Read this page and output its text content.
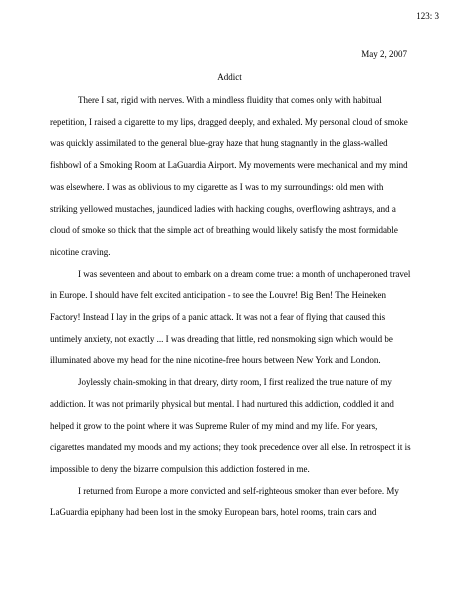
123: 3
May 2, 2007
Addict

There I sat, rigid with nerves. With a mindless fluidity that comes only with habitual repetition, I raised a cigarette to my lips, dragged deeply, and exhaled. My personal cloud of smoke was quickly assimilated to the general blue-gray haze that hung stagnantly in the glass-walled fishbowl of a Smoking Room at LaGuardia Airport. My movements were mechanical and my mind was elsewhere. I was as oblivious to my cigarette as I was to my surroundings: old men with striking yellowed mustaches, jaundiced ladies with hacking coughs, overflowing ashtrays, and a cloud of smoke so thick that the simple act of breathing would likely satisfy the most formidable nicotine craving.

I was seventeen and about to embark on a dream come true: a month of unchaperoned travel in Europe. I should have felt excited anticipation - to see the Louvre! Big Ben! The Heineken Factory! Instead I lay in the grips of a panic attack. It was not a fear of flying that caused this untimely anxiety, not exactly ... I was dreading that little, red nonsmoking sign which would be illuminated above my head for the nine nicotine-free hours between New York and London.

Joylessly chain-smoking in that dreary, dirty room, I first realized the true nature of my addiction. It was not primarily physical but mental. I had nurtured this addiction, coddled it and helped it grow to the point where it was Supreme Ruler of my mind and my life. For years, cigarettes mandated my moods and my actions; they took precedence over all else. In retrospect it is impossible to deny the bizarre compulsion this addiction fostered in me.

I returned from Europe a more convicted and self-righteous smoker than ever before. My LaGuardia epiphany had been lost in the smoky European bars, hotel rooms, train cars and
